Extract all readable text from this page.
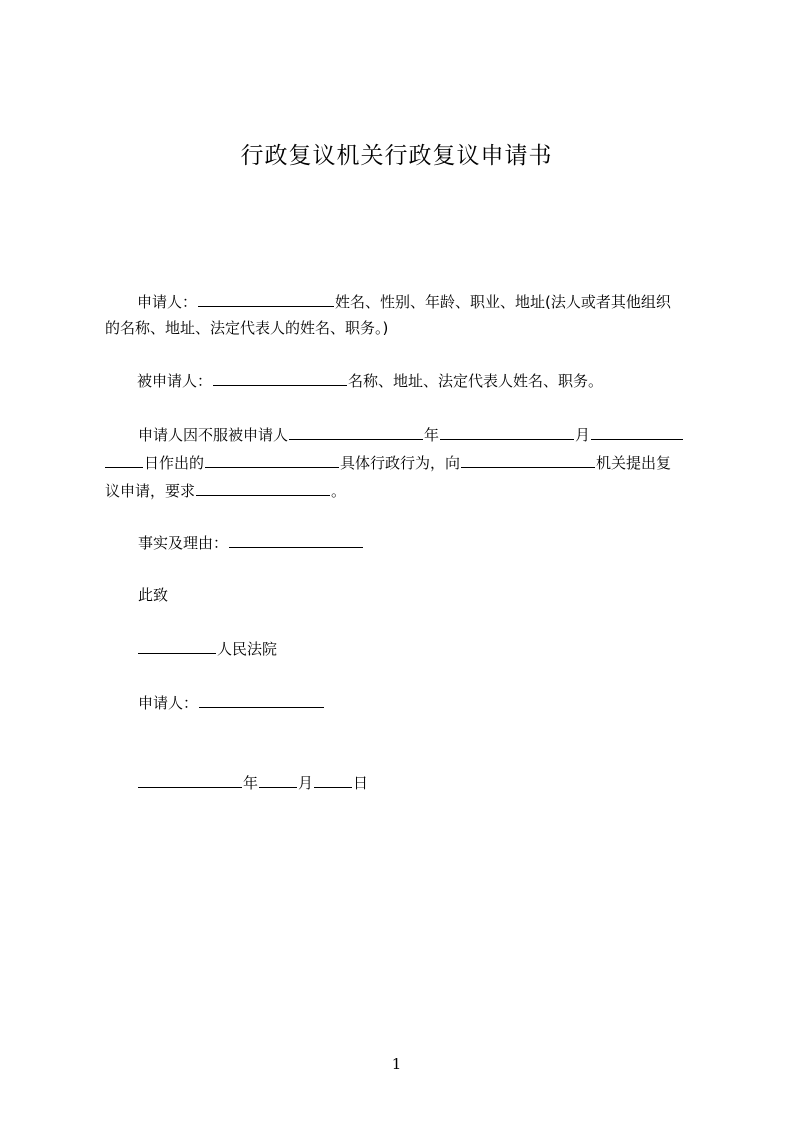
行政复议机关行政复议申请书
申请人：	姓名、性别、年龄、职业、地址(法人或者其他组织
的名称、地址、法定代表人的姓名、职务。)
被申请人：	名称、地址、法定代表人姓名、职务。
申请人因不服被申请人	年	月
日作出的	具体行政行为，向	机关提出复
议申请，要求	。
事实及理由：
此致
人民法院
申请人：
年	月	日
1
